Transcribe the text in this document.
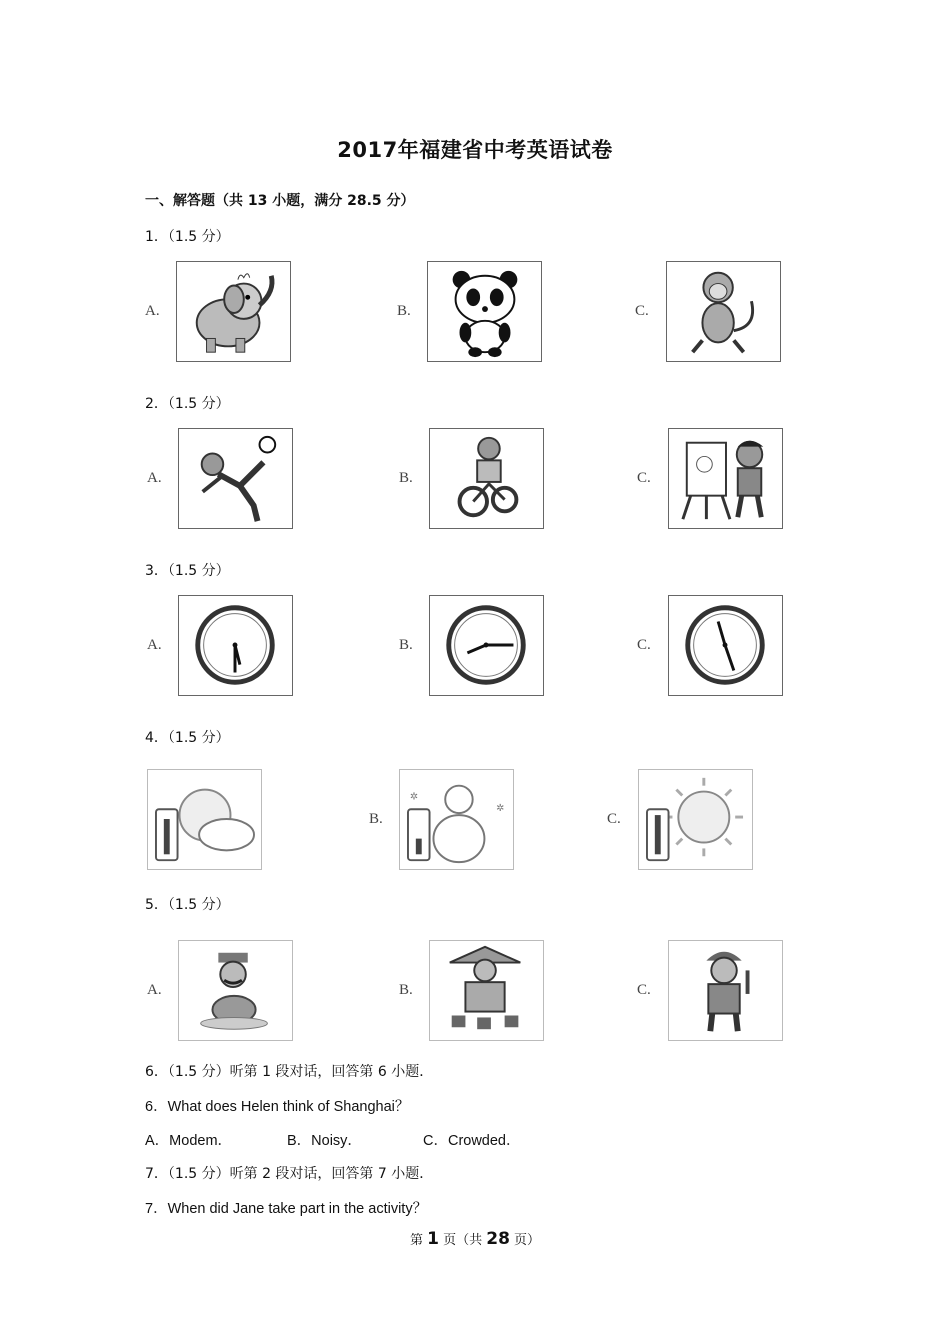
2017年福建省中考英语试卷
一、解答题（共 13 小题，满分 28.5 分）
1．（1.5 分）
A.	B.	C.
2．（1.5 分）
A.	B.	C.
3．（1.5 分）
A.	B.	C.
4．（1.5 分）
B.
✲
✲
C.
5．（1.5 分）
A.	B.	C.
6．（1.5 分）听第 1 段对话，回答第 6 小题．
6．What does Helen think of Shanghai？
A．Modem．	B．Noisy．	C．Crowded．
7．（1.5 分）听第 2 段对话，回答第 7 小题．
7．When did Jane take part in the activity？
第 1 页（共 28 页）
